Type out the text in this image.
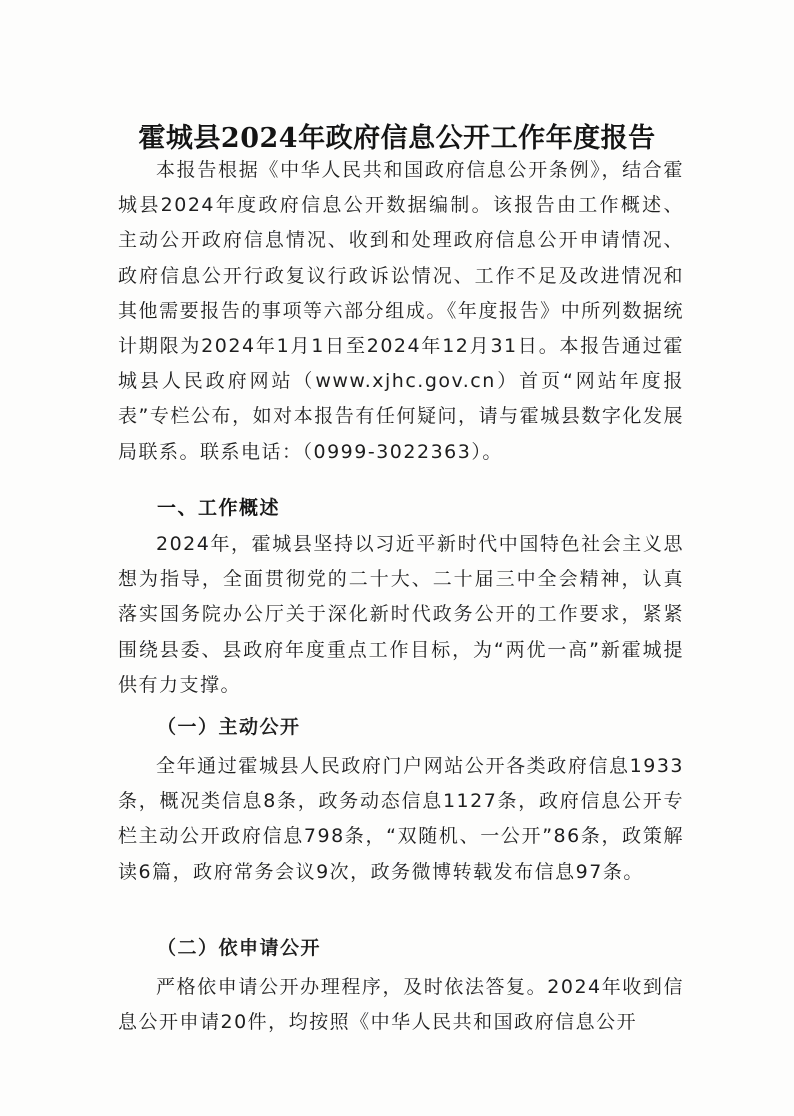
霍城县2024年政府信息公开工作年度报告

本报告根据《中华人民共和国政府信息公开条例》，结合霍城县2024年度政府信息公开数据编制。该报告由工作概述、主动公开政府信息情况、收到和处理政府信息公开申请情况、政府信息公开行政复议行政诉讼情况、工作不足及改进情况和其他需要报告的事项等六部分组成。《年度报告》中所列数据统计期限为2024年1月1日至2024年12月31日。本报告通过霍城县人民政府网站（www.xjhc.gov.cn）首页“网站年度报表”专栏公布，如对本报告有任何疑问，请与霍城县数字化发展局联系。联系电话：（0999-3022363）。

一、工作概述

2024年，霍城县坚持以习近平新时代中国特色社会主义思想为指导，全面贯彻党的二十大、二十届三中全会精神，认真落实国务院办公厅关于深化新时代政务公开的工作要求，紧紧围绕县委、县政府年度重点工作目标，为“两优一高”新霍城提供有力支撑。

（一）主动公开

全年通过霍城县人民政府门户网站公开各类政府信息1933条，概况类信息8条，政务动态信息1127条，政府信息公开专栏主动公开政府信息798条，“双随机、一公开”86条，政策解读6篇，政府常务会议9次，政务微博转载发布信息97条。

（二）依申请公开

严格依申请公开办理程序，及时依法答复。2024年收到信息公开申请20件，均按照《中华人民共和国政府信息公开
